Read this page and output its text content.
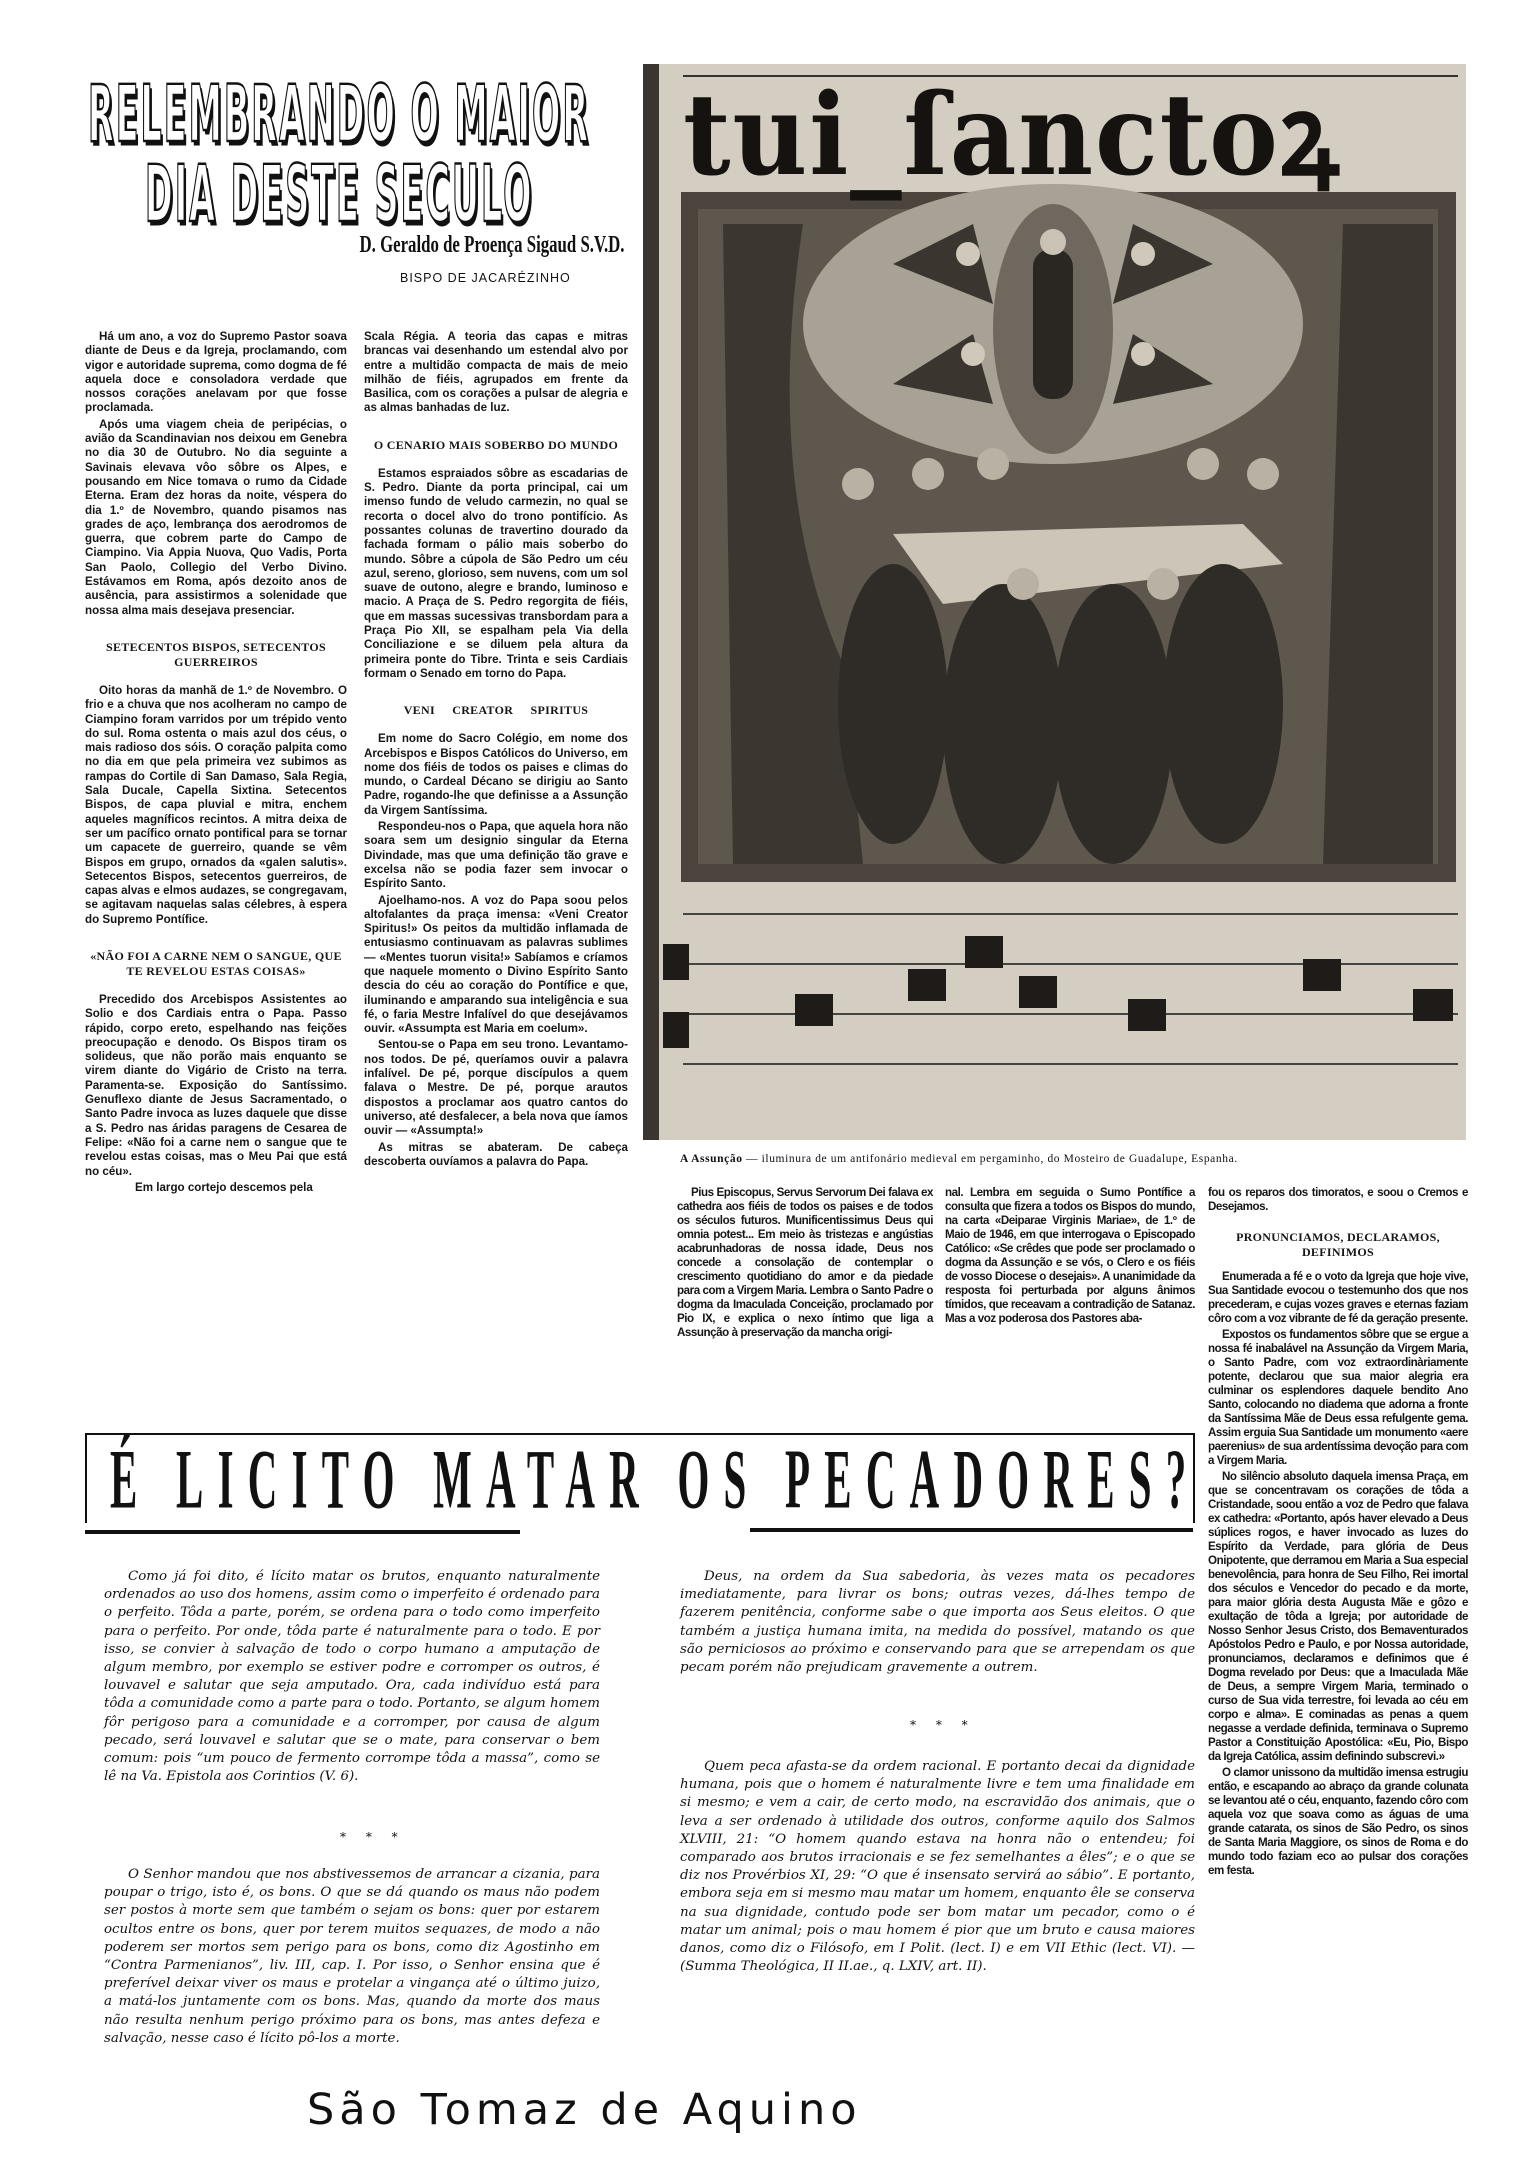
RELEMBRANDO O MAIOR
DIA DESTE SECULO
D. Geraldo de Proença Sigaud S.V.D.
BISPO DE JACARÉZINHO

Há um ano, a voz do Supremo Pastor soava diante de Deus e da Igreja, proclamando, com vigor e autoridade suprema, como dogma de fé aquela doce e consoladora verdade que nossos corações anelavam por que fosse proclamada.

Após uma viagem cheia de peripécias, o avião da Scandinavian nos deixou em Genebra no dia 30 de Outubro. No dia seguinte a Savinais elevava vôo sôbre os Alpes, e pousando em Nice tomava o rumo da Cidade Eterna. Eram dez horas da noite, véspera do dia 1.º de Novembro, quando pisamos nas grades de aço, lembrança dos aerodromos de guerra, que cobrem parte do Campo de Ciampino. Via Appia Nuova, Quo Vadis, Porta San Paolo, Collegio del Verbo Divino. Estávamos em Roma, após dezoito anos de ausência, para assistirmos a solenidade que nossa alma mais desejava presenciar.

SETECENTOS BISPOS, SETECENTOS GUERREIROS

Oito horas da manhã de 1.º de Novembro. O frio e a chuva que nos acolheram no campo de Ciampino foram varridos por um trépido vento do sul. Roma ostenta o mais azul dos céus, o mais radioso dos sóis. O coração palpita como no dia em que pela primeira vez subimos as rampas do Cortile di San Damaso, Sala Regia, Sala Ducale, Capella Sixtina. Setecentos Bispos, de capa pluvial e mitra, enchem aqueles magníficos recintos. A mitra deixa de ser um pacífico ornato pontifical para se tornar um capacete de guerreiro, quande se vêm Bispos em grupo, ornados da «galen salutis». Setecentos Bispos, setecentos guerreiros, de capas alvas e elmos audazes, se congregavam, se agitavam naquelas salas célebres, à espera do Supremo Pontífice.

«NÃO FOI A CARNE NEM O SANGUE, QUE TE REVELOU ESTAS COISAS»

Precedido dos Arcebispos Assistentes ao Solio e dos Cardiais entra o Papa. Passo rápido, corpo ereto, espelhando nas feições preocupação e denodo. Os Bispos tiram os solideus, que não porão mais enquanto se virem diante do Vigário de Cristo na terra. Paramenta-se. Exposição do Santíssimo. Genuflexo diante de Jesus Sacramentado, o Santo Padre invoca as luzes daquele que disse a S. Pedro nas áridas paragens de Cesarea de Felipe: «Não foi a carne nem o sangue que te revelou estas coisas, mas o Meu Pai que está no céu».

Em largo cortejo descemos pela

Scala Régia. A teoria das capas e mitras brancas vai desenhando um estendal alvo por entre a multidão compacta de mais de meio milhão de fiéis, agrupados em frente da Basilica, com os corações a pulsar de alegria e as almas banhadas de luz.

O CENARIO MAIS SOBERBO DO MUNDO

Estamos espraiados sôbre as escadarias de S. Pedro. Diante da porta principal, cai um imenso fundo de veludo carmezin, no qual se recorta o docel alvo do trono pontifício. As possantes colunas de travertino dourado da fachada formam o pálio mais soberbo do mundo. Sôbre a cúpola de São Pedro um céu azul, sereno, glorioso, sem nuvens, com um sol suave de outono, alegre e brando, luminoso e macio. A Praça de S. Pedro regorgita de fiéis, que em massas sucessivas transbordam para a Praça Pio XII, se espalham pela Via della Conciliazione e se diluem pela altura da primeira ponte do Tibre. Trinta e seis Cardiais formam o Senado em torno do Papa.

VENI CREATOR SPIRITUS

Em nome do Sacro Colégio, em nome dos Arcebispos e Bispos Católicos do Universo, em nome dos fiéis de todos os paises e climas do mundo, o Cardeal Décano se dirigiu ao Santo Padre, rogando-lhe que definisse a a Assunção da Virgem Santíssima.

Respondeu-nos o Papa, que aquela hora não soara sem um designio singular da Eterna Divindade, mas que uma definição tão grave e excelsa não se podia fazer sem invocar o Espírito Santo.

Ajoelhamo-nos. A voz do Papa soou pelos altofalantes da praça imensa: «Veni Creator Spiritus!» Os peitos da multidão inflamada de entusiasmo continuavam as palavras sublimes — «Mentes tuorun visita!» Sabíamos e críamos que naquele momento o Divino Espírito Santo descia do céu ao coração do Pontífice e que, iluminando e amparando sua inteligência e sua fé, o faria Mestre Infalível do que desejávamos ouvir. «Assumpta est Maria em coelum».

Sentou-se o Papa em seu trono. Levantamo-nos todos. De pé, queríamos ouvir a palavra infalível. De pé, porque discípulos a quem falava o Mestre. De pé, porque arautos dispostos a proclamar aos quatro cantos do universo, até desfalecer, a bela nova que íamos ouvir — «Assumpta!»

As mitras se abateram. De cabeça descoberta ouvíamos a palavra do Papa.

tui_ſanctoꝝ
A Assunção — iluminura de um antifonário medieval em pergaminho, do Mosteiro de Guadalupe, Espanha.

Pius Episcopus, Servus Servorum Dei falava ex cathedra aos fiéis de todos os paises e de todos os séculos futuros. Munificentissimus Deus qui omnia potest... Em meio às tristezas e angústias acabrunhadoras de nossa idade, Deus nos concede a consolação de contemplar o crescimento quotidiano do amor e da piedade para com a Virgem Maria. Lembra o Santo Padre o dogma da Imaculada Conceição, proclamado por Pio IX, e explica o nexo íntimo que liga a Assunção à preservação da mancha origi-

nal. Lembra em seguida o Sumo Pontífice a consulta que fizera a todos os Bispos do mundo, na carta «Deiparae Virginis Mariae», de 1.º de Maio de 1946, em que interrogava o Episcopado Católico: «Se crêdes que pode ser proclamado o dogma da Assunção e se vós, o Clero e os fiéis de vosso Diocese o desejais». A unanimidade da resposta foi perturbada por alguns ânimos tímidos, que receavam a contradição de Satanaz. Mas a voz poderosa dos Pastores aba-

fou os reparos dos timoratos, e soou o Cremos e Desejamos.

PRONUNCIAMOS, DECLARAMOS, DEFINIMOS

Enumerada a fé e o voto da Igreja que hoje vive, Sua Santidade evocou o testemunho dos que nos precederam, e cujas vozes graves e eternas faziam côro com a voz vibrante de fé da geração presente.

Expostos os fundamentos sôbre que se ergue a nossa fé inabalável na Assunção da Virgem Maria, o Santo Padre, com voz extraordinàriamente potente, declarou que sua maior alegria era culminar os esplendores daquele bendito Ano Santo, colocando no diadema que adorna a fronte da Santíssima Mãe de Deus essa refulgente gema. Assim erguia Sua Santidade um monumento «aere paerenius» de sua ardentíssima devoção para com a Virgem Maria.

No silêncio absoluto daquela imensa Praça, em que se concentravam os corações de tôda a Cristandade, soou então a voz de Pedro que falava ex cathedra: «Portanto, após haver elevado a Deus súplices rogos, e haver invocado as luzes do Espírito da Verdade, para glória de Deus Onipotente, que derramou em Maria a Sua especial benevolência, para honra de Seu Filho, Rei imortal dos séculos e Vencedor do pecado e da morte, para maior glória desta Augusta Mãe e gôzo e exultação de tôda a Igreja; por autoridade de Nosso Senhor Jesus Cristo, dos Bemaventurados Apóstolos Pedro e Paulo, e por Nossa autoridade, pronunciamos, declaramos e definimos que é Dogma revelado por Deus: que a Imaculada Mãe de Deus, a sempre Virgem Maria, terminado o curso de Sua vida terrestre, foi levada ao céu em corpo e alma». E cominadas as penas a quem negasse a verdade definida, terminava o Supremo Pastor a Constituição Apostólica: «Eu, Pio, Bispo da Igreja Católica, assim definindo subscrevi.»

O clamor unissono da multidão imensa estrugiu então, e escapando ao abraço da grande colunata se levantou até o céu, enquanto, fazendo côro com aquela voz que soava como as águas de uma grande catarata, os sinos de São Pedro, os sinos de Santa Maria Maggiore, os sinos de Roma e do mundo todo faziam eco ao pulsar dos corações em festa.

É LICITO MATAR OS PECADORES?

Como já foi dito, é lícito matar os brutos, enquanto naturalmente ordenados ao uso dos homens, assim como o imperfeito é ordenado para o perfeito. Tôda a parte, porém, se ordena para o todo como imperfeito para o perfeito. Por onde, tôda parte é naturalmente para o todo. E por isso, se convier à salvação de todo o corpo humano a amputação de algum membro, por exemplo se estiver podre e corromper os outros, é louvavel e salutar que seja amputado. Ora, cada indivíduo está para tôda a comunidade como a parte para o todo. Portanto, se algum homem fôr perigoso para a comunidade e a corromper, por causa de algum pecado, será louvavel e salutar que se o mate, para conservar o bem comum: pois “um pouco de fermento corrompe tôda a massa”, como se lê na Va. Epistola aos Corintios (V. 6).

* * *

O Senhor mandou que nos abstivessemos de arrancar a cizania, para poupar o trigo, isto é, os bons. O que se dá quando os maus não podem ser postos à morte sem que também o sejam os bons: quer por estarem ocultos entre os bons, quer por terem muitos sequazes, de modo a não poderem ser mortos sem perigo para os bons, como diz Agostinho em “Contra Parmenianos”, liv. III, cap. I. Por isso, o Senhor ensina que é preferível deixar viver os maus e protelar a vingança até o último juizo, a matá-los juntamente com os bons. Mas, quando da morte dos maus não resulta nenhum perigo próximo para os bons, mas antes defeza e salvação, nesse caso é lícito pô-los a morte.

Deus, na ordem da Sua sabedoria, às vezes mata os pecadores imediatamente, para livrar os bons; outras vezes, dá-lhes tempo de fazerem penitência, conforme sabe o que importa aos Seus eleitos. O que também a justiça humana imita, na medida do possível, matando os que são perniciosos ao próximo e conservando para que se arrependam os que pecam porém não prejudicam gravemente a outrem.

* * *

Quem peca afasta-se da ordem racional. E portanto decai da dignidade humana, pois que o homem é naturalmente livre e tem uma finalidade em si mesmo; e vem a cair, de certo modo, na escravidão dos animais, que o leva a ser ordenado à utilidade dos outros, conforme aquilo dos Salmos XLVIII, 21: “O homem quando estava na honra não o entendeu; foi comparado aos brutos irracionais e se fez semelhantes a êles”; e o que se diz nos Provérbios XI, 29: “O que é insensato servirá ao sábio”. E portanto, embora seja em si mesmo mau matar um homem, enquanto êle se conserva na sua dignidade, contudo pode ser bom matar um pecador, como o é matar um animal; pois o mau homem é pior que um bruto e causa maiores danos, como diz o Filósofo, em I Polit. (lect. I) e em VII Ethic (lect. VI). — (Summa Theológica, II II.ae., q. LXIV, art. II).

São Tomaz de Aquino
